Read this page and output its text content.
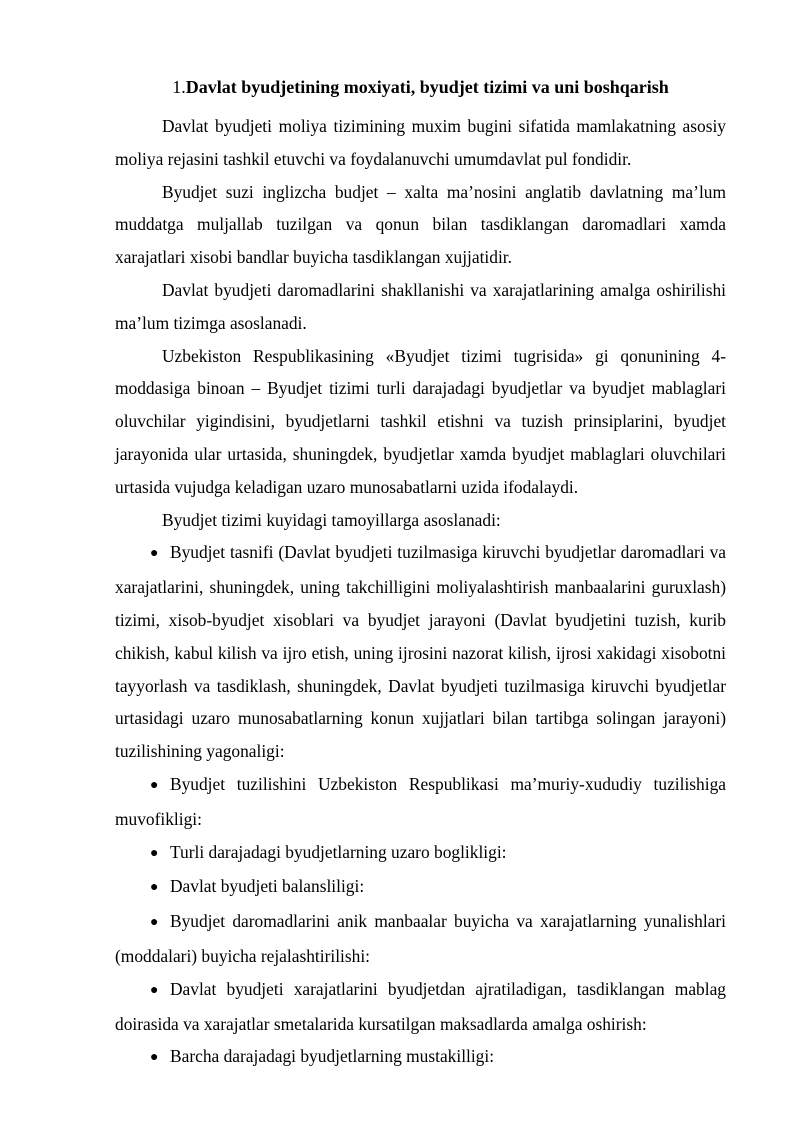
1.Davlat byudjetining moxiyati, byudjet tizimi va uni boshqarish

Davlat byudjeti moliya tizimining muxim bugini sifatida mamlakatning asosiy moliya rejasini tashkil etuvchi va foydalanuvchi umumdavlat pul fondidir.

Byudjet suzi inglizcha budjet – xalta ma’nosini anglatib davlatning ma’lum muddatga muljallab tuzilgan va qonun bilan tasdiklangan daromadlari xamda xarajatlari xisobi bandlar buyicha tasdiklangan xujjatidir.

Davlat byudjeti daromadlarini shakllanishi va xarajatlarining amalga oshirilishi ma’lum tizimga asoslanadi.

Uzbekiston Respublikasining «Byudjet tizimi tugrisida» gi qonunining 4-moddasiga binoan – Byudjet tizimi turli darajadagi byudjetlar va byudjet mablaglari oluvchilar yigindisini, byudjetlarni tashkil etishni va tuzish prinsiplarini, byudjet jarayonida ular urtasida, shuningdek, byudjetlar xamda byudjet mablaglari oluvchilari urtasida vujudga keladigan uzaro munosabatlarni uzida ifodalaydi.

Byudjet tizimi kuyidagi tamoyillarga asoslanadi:

● Byudjet tasnifi (Davlat byudjeti tuzilmasiga kiruvchi byudjetlar daromadlari va xarajatlarini, shuningdek, uning takchilligini moliyalashtirish manbaalarini guruxlash) tizimi, xisob-byudjet xisoblari va byudjet jarayoni (Davlat byudjetini tuzish, kurib chikish, kabul kilish va ijro etish, uning ijrosini nazorat kilish, ijrosi xakidagi xisobotni tayyorlash va tasdiklash, shuningdek, Davlat byudjeti tuzilmasiga kiruvchi byudjetlar urtasidagi uzaro munosabatlarning konun xujjatlari bilan tartibga solingan jarayoni) tuzilishining yagonaligi:

● Byudjet tuzilishini Uzbekiston Respublikasi ma’muriy-xududiy tuzilishiga muvofikligi:

● Turli darajadagi byudjetlarning uzaro boglikligi:

● Davlat byudjeti balansliligi:

● Byudjet daromadlarini anik manbaalar buyicha va xarajatlarning yunalishlari (moddalari) buyicha rejalashtirilishi:

● Davlat byudjeti xarajatlarini byudjetdan ajratiladigan, tasdiklangan mablag doirasida va xarajatlar smetalarida kursatilgan maksadlarda amalga oshirish:

● Barcha darajadagi byudjetlarning mustakilligi:
